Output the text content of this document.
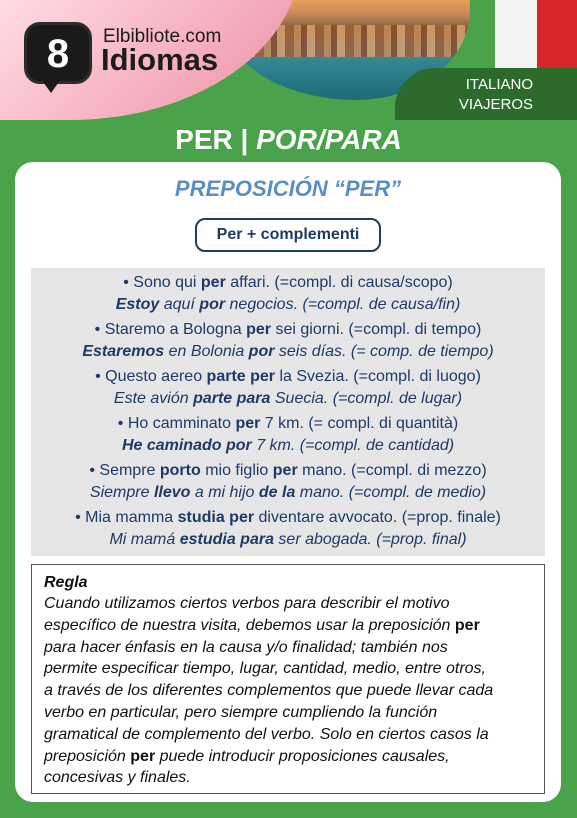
8	Elbibliote.com
Idiomas
ITALIANO
VIAJEROS
PER | POR/PARA
PREPOSICIÓN “PER”
Per + complementi
• Sono qui per affari. (=compl. di causa/scopo)
Estoy aquí por negocios. (=compl. de causa/fin)
• Staremo a Bologna per sei giorni. (=compl. di tempo)
Estaremos en Bolonia por seis días. (= comp. de tiempo)
• Questo aereo parte per la Svezia. (=compl. di luogo)
Este avión parte para Suecia. (=compl. de lugar)
• Ho camminato per 7 km. (= compl. di quantità)
He caminado por 7 km. (=compl. de cantidad)
• Sempre porto mio figlio per mano. (=compl. di mezzo)
Siempre llevo a mi hijo de la mano. (=compl. de medio)
• Mia mamma studia per diventare avvocato. (=prop. finale)
Mi mamá estudia para ser abogada. (=prop. final)
Regla
Cuando utilizamos ciertos verbos para describir el motivo
específico de nuestra visita, debemos usar la preposición per
para hacer énfasis en la causa y/o finalidad; también nos
permite especificar tiempo, lugar, cantidad, medio, entre otros,
a través de los diferentes complementos que puede llevar cada
verbo en particular, pero siempre cumpliendo la función
gramatical de complemento del verbo. Solo en ciertos casos la
preposición per puede introducir proposiciones causales,
concesivas y finales.
